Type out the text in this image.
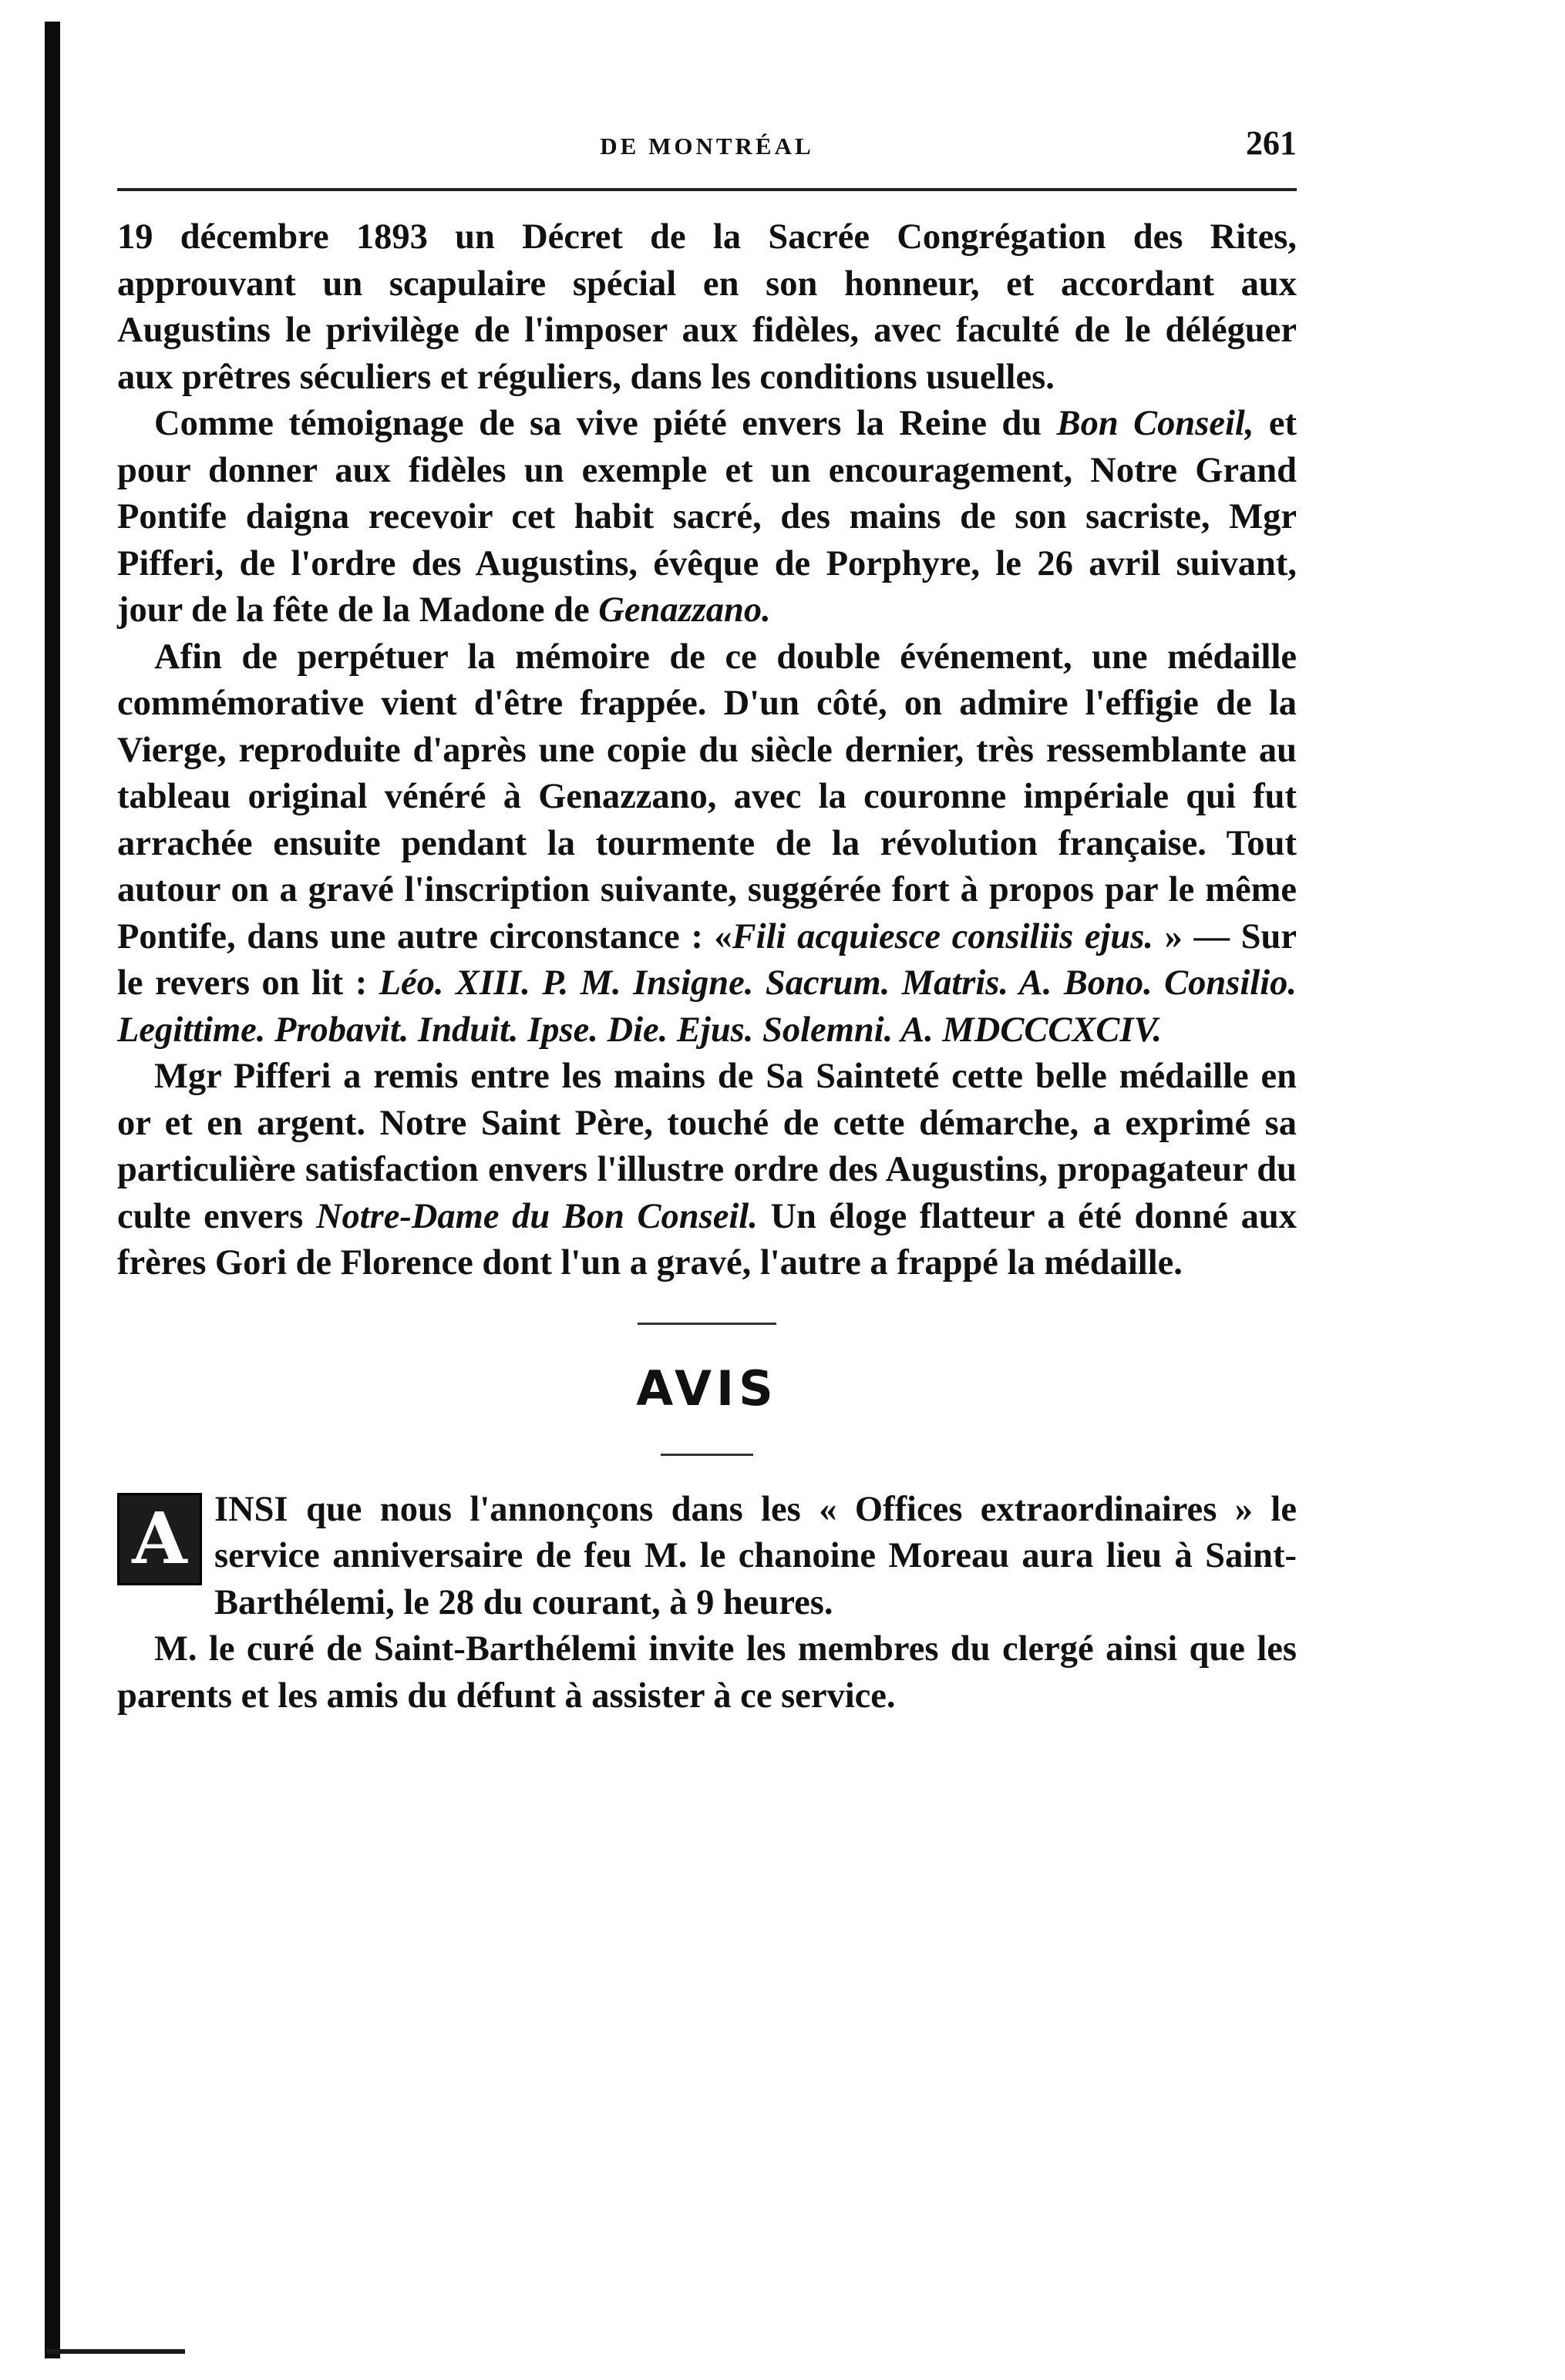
DE MONTRÉAL	261

19 décembre 1893 un Décret de la Sacrée Congrégation des Rites, approuvant un scapulaire spécial en son honneur, et accordant aux Augustins le privilège de l'imposer aux fidèles, avec faculté de le déléguer aux prêtres séculiers et réguliers, dans les conditions usuelles.

Comme témoignage de sa vive piété envers la Reine du Bon Conseil, et pour donner aux fidèles un exemple et un encouragement, Notre Grand Pontife daigna recevoir cet habit sacré, des mains de son sacriste, Mgr Pifferi, de l'ordre des Augustins, évêque de Porphyre, le 26 avril suivant, jour de la fête de la Madone de Genazzano.

Afin de perpétuer la mémoire de ce double événement, une médaille commémorative vient d'être frappée. D'un côté, on admire l'effigie de la Vierge, reproduite d'après une copie du siècle dernier, très ressemblante au tableau original vénéré à Genazzano, avec la couronne impériale qui fut arrachée ensuite pendant la tourmente de la révolution française. Tout autour on a gravé l'inscription suivante, suggérée fort à propos par le même Pontife, dans une autre circonstance : «Fili acquiesce consiliis ejus. » — Sur le revers on lit : Léo. XIII. P. M. Insigne. Sacrum. Matris. A. Bono. Consilio. Legittime. Probavit. Induit. Ipse. Die. Ejus. Solemni. A. MDCCCXCIV.

Mgr Pifferi a remis entre les mains de Sa Sainteté cette belle médaille en or et en argent. Notre Saint Père, touché de cette démarche, a exprimé sa particulière satisfaction envers l'illustre ordre des Augustins, propagateur du culte envers Notre-Dame du Bon Conseil. Un éloge flatteur a été donné aux frères Gori de Florence dont l'un a gravé, l'autre a frappé la médaille.

AVIS

A INSI que nous l'annonçons dans les « Offices extraordinaires » le service anniversaire de feu M. le chanoine Moreau aura lieu à Saint-Barthélemi, le 28 du courant, à 9 heures.

M. le curé de Saint-Barthélemi invite les membres du clergé ainsi que les parents et les amis du défunt à assister à ce service.
